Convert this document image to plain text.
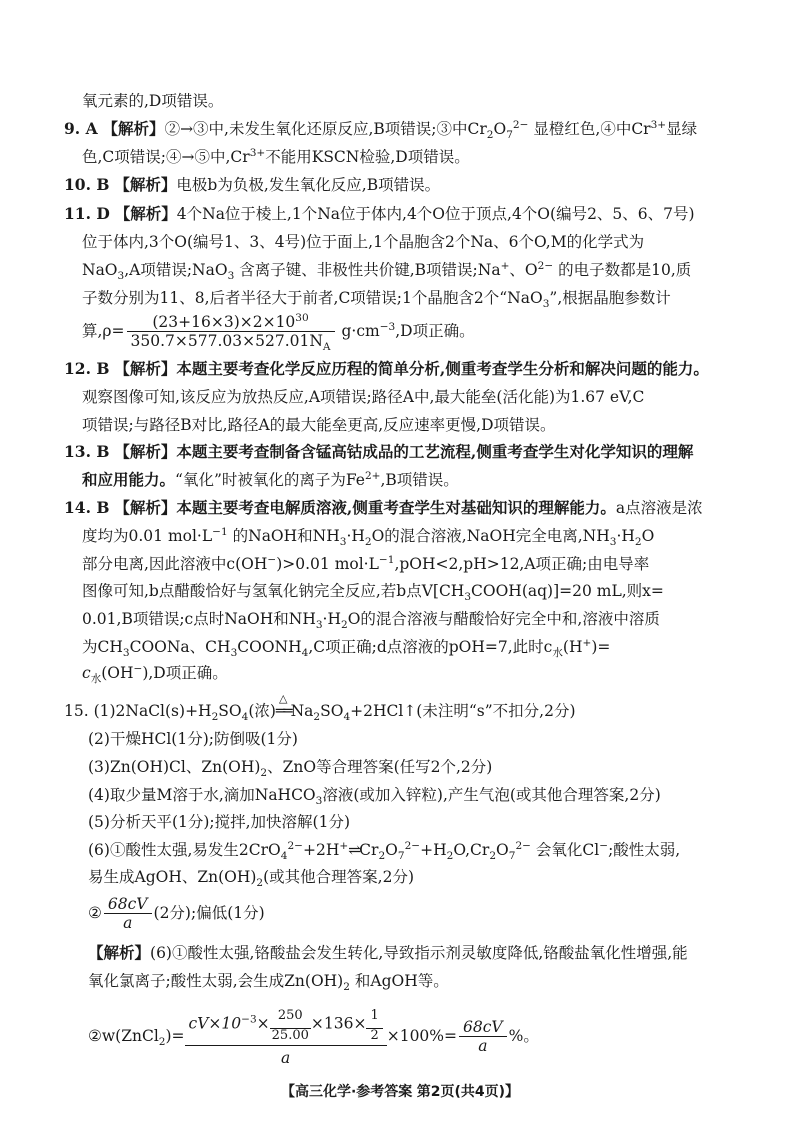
氧元素的,D项错误。
9. A 【解析】②→③中,未发生氧化还原反应,B项错误;③中$Cr_2O_7^{2-}$ 显橙红色,④中$Cr^{3+}$显绿
色,C项错误;④→⑤中$,Cr^{3+}$不能用KSCN检验,D项错误。
10. B 【解析】电极b为负极,发生氧化反应,B项错误。
11. D 【解析】4个Na位于棱上,1个Na位于体内,4个O位于顶点,4个O(编号2、5、6、7号)
位于体内,3个O(编号1、3、4号)位于面上,1个晶胞含2个Na、6个O,M的化学式为
NaO$_3$,A项错误;NaO$_3$ 含离子键、非极性共价键,B项错误;Na+、$O^{2-}$ 的电子数都是10,质
子数分别为11、8,后者半径大于前者,C项错误;1个晶胞含2个“NaO$_3$”,根据晶胞参数计
算$,\rho= \frac{(23+16\times 3)\times 2\times 10^{30}}{350.7\times 577.03\times 527.01N_A} g\cdot cm^{-3},D$项正确。
12. B 【解析】本题主要考查化学反应历程的简单分析,侧重考查学生分析和解决问题的能力。
观察图像可知,该反应为放热反应,A项错误;路径A中,最大能垒(活化能)为1.67 eV,C
项错误;与路径B对比,路径A的最大能垒更高,反应速率更慢,D项错误。
13. B 【解析】本题主要考查制备含锰高钴成品的工艺流程,侧重考查学生对化学知识的理解
和应用能力。“氧化”时被氧化的离子为$Fe^{2+},B$项错误。
14. B 【解析】本题主要考查电解质溶液,侧重考查学生对基础知识的理解能力。a点溶液是浓
度均为0.01 $mol\cdot L^{-1}$ 的NaOH和$NH_3\cdot H_2O$的混合溶液,NaOH完全电离$,NH_3\cdot H_2O$
部分电离,因此溶液中c(OH−)>0.01 $mol\cdot L^{-1},pOH<2,pH>12,A$项正确;由电导率
图像可知,b点醋酸恰好与氢氧化钠完全反应,若b点$V[CH_3COOH(aq)]=20$ mL,则x=
0.01,B项错误;c点时NaOH和$NH_3\cdot H_2O$的混合溶液与醋酸恰好完全中和,溶液中溶质
为$CH_3COONa$、$CH_3COONH_4,C$项正确;d点溶液的pOH=7,此时$c_水(H^+)=$
$c_水(OH^-),D$项正确。
15. $(1)2NaCl(s)+H_2SO_4$(浓)
△
$══Na_2SO_4+2HCl↑$(未注明“s”不扣分,2分)
(2)干燥HCl(1分);防倒吸(1分)
(3)Zn(OH)Cl、$Zn(OH)_2$、ZnO等合理答案(任写2个,2分)
(4)取少量M溶于水,滴加NaHCO$_3$溶液(或加入锌粒),产生气泡(或其他合理答案,2分)
(5)分析天平(1分);搅拌,加快溶解(1分)
(6)①酸性太强,易发生$2CrO_4^{2-}+2H^+\rightleftharpoons Cr_2O_7^{2-}+H_2O,Cr_2O_7^{2-}$ 会氧化Cl−;酸性太弱,
易生成AgOH、$Zn(OH)_2$(或其他合理答案,2分)
② $\frac{68cV}{a} (2$分);偏低(1分)
【解析】(6)①酸性太强,铬酸盐会发生转化,导致指示剂灵敏度降低,铬酸盐氧化性增强,能
氧化氯离子;酸性太弱,会生成$Zn(OH)_2$ 和AgOH等。
②w(ZnCl$_2$)= $\frac{cV\times 10^{-3}\times \frac{250}{25.00} \times 136\times \frac{1}{2}}{a} \times 100\%= \frac{68cV}{a}$ %。
【高三化学·参考答案 第2页(共4页)】
